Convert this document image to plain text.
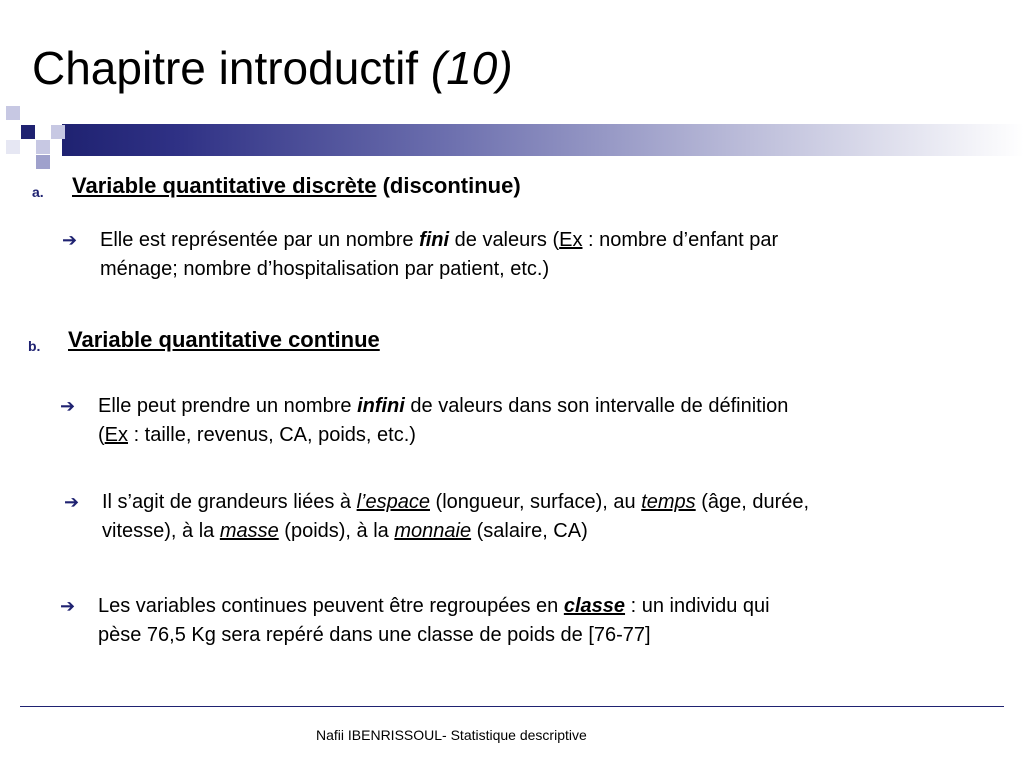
Chapitre introductif (10)
a. Variable quantitative discrète (discontinue)
➔	Elle est représentée par un nombre fini de valeurs (Ex : nombre d’enfant par
ménage; nombre d’hospitalisation par patient, etc.)
b. Variable quantitative continue
➔	Elle peut prendre un nombre infini de valeurs dans son intervalle de définition
(Ex : taille, revenus, CA, poids, etc.)
➔	Il s’agit de grandeurs liées à l’espace (longueur, surface), au temps (âge, durée,
vitesse), à la masse (poids), à la monnaie (salaire, CA)
➔	Les variables continues peuvent être regroupées en classe : un individu qui
pèse 76,5 Kg sera repéré dans une classe de poids de [76-77]
Nafii IBENRISSOUL- Statistique descriptive
